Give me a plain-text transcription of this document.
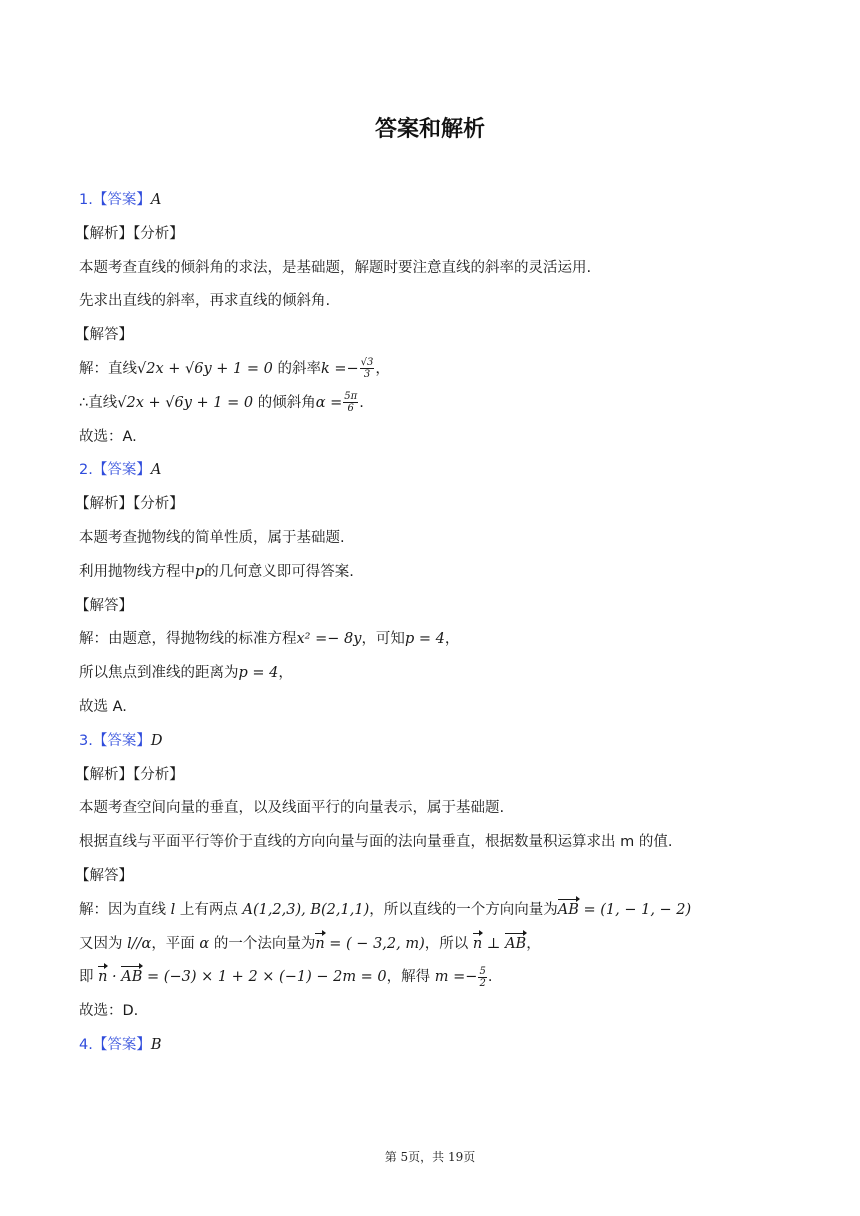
答案和解析
1.【答案】A
【解析】【分析】
本题考查直线的倾斜角的求法，是基础题，解题时要注意直线的斜率的灵活运用.
先求出直线的斜率，再求直线的倾斜角.
【解答】
解：直线√2x + √6y + 1 = 0 的斜率$k =- \frac{√3}{3}$ ，
∴直线√2x + √6y + 1 = 0 的倾斜角$\alpha = \frac{5\pi}{6}$ .
故选：A.
2.【答案】A
【解析】【分析】
本题考查抛物线的简单性质，属于基础题.
利用抛物线方程中p的几何意义即可得答案.
【解答】
解：由题意，得抛物线的标准方程x² =− 8y，可知p = 4，
所以焦点到准线的距离为p = 4，
故选 A.
3.【答案】D
【解析】【分析】
本题考查空间向量的垂直，以及线面平行的向量表示，属于基础题.
根据直线与平面平行等价于直线的方向向量与面的法向量垂直，根据数量积运算求出 m 的值.
【解答】
解：因为直线 l 上有两点 A(1,2,3), B(2,1,1)，所以直线的一个方向向量为AB = (1, − 1, − 2)
又因为 l//α，平面 α 的一个法向量为n = ( − 3,2, m)，所以 n ⊥ AB，
即 n · AB = (−3) × 1 + 2 × (−1) − 2m = 0，解得 $m =- \frac{5}{2}$ .
故选：D.
4.【答案】B
第 5页，共 19页
